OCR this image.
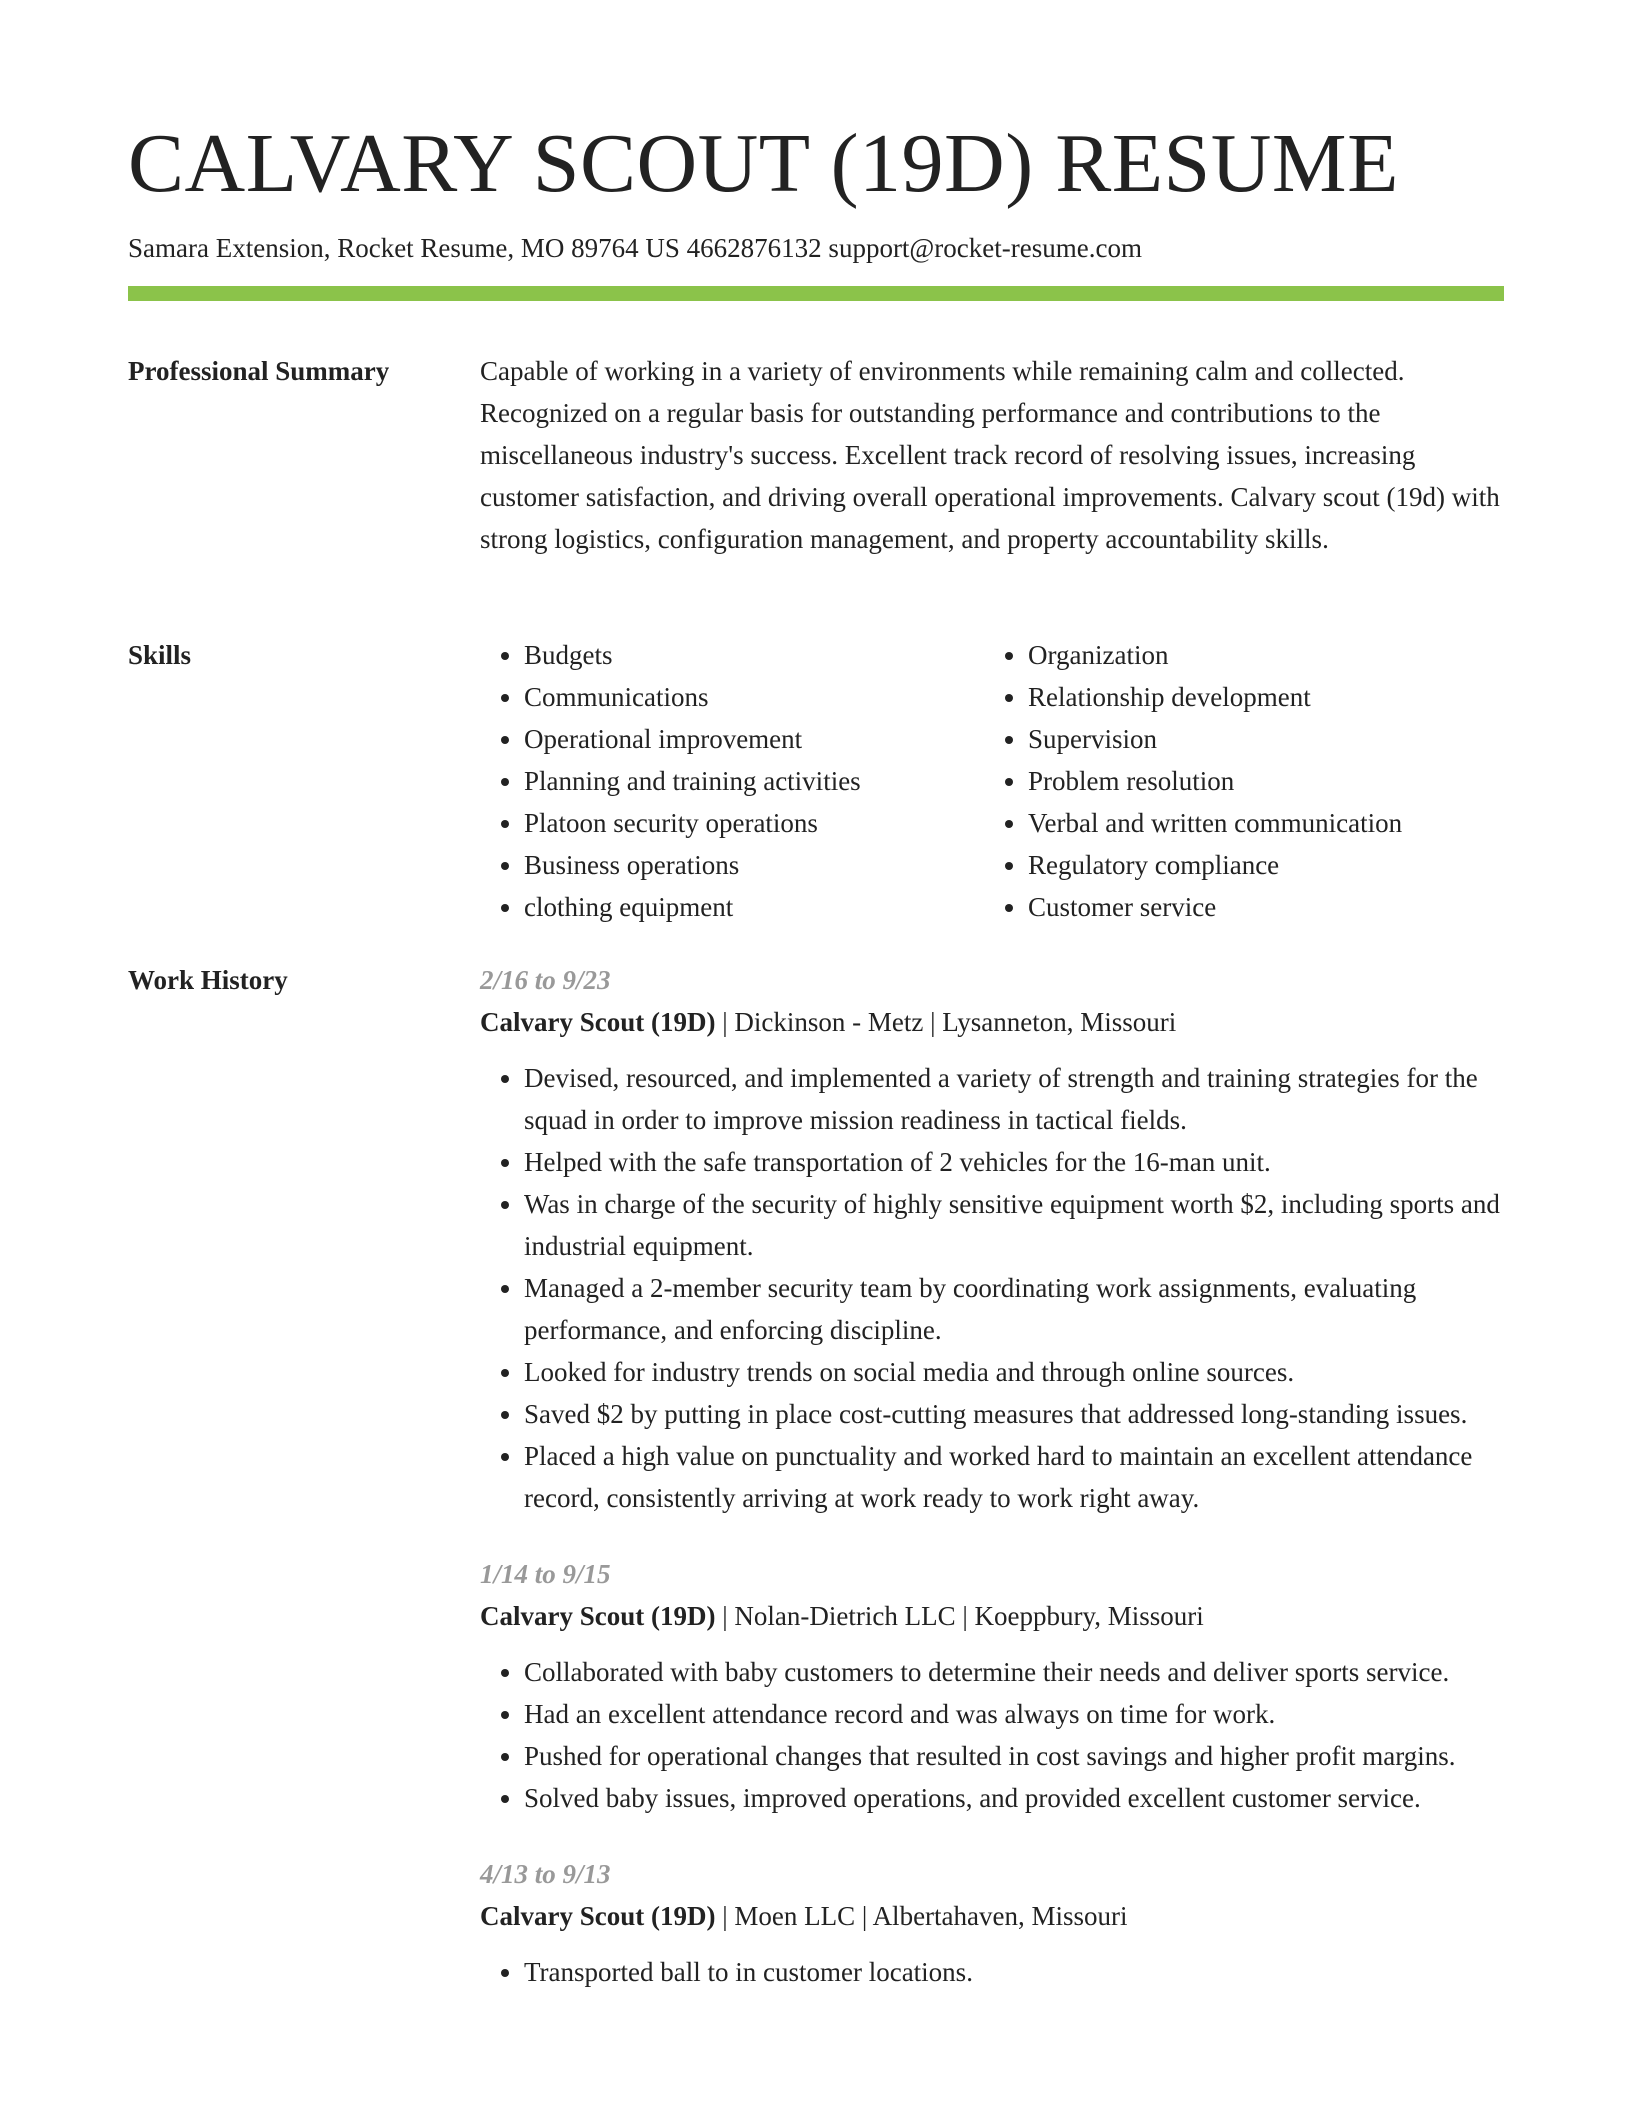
CALVARY SCOUT (19D) RESUME
Samara Extension, Rocket Resume, MO 89764 US 4662876132 support@rocket-resume.com
Professional Summary	Capable of working in a variety of environments while remaining calm and collected. Recognized on a regular basis for outstanding performance and contributions to the miscellaneous industry's success. Excellent track record of resolving issues, increasing customer satisfaction, and driving overall operational improvements. Calvary scout (19d) with strong logistics, configuration management, and property accountability skills.

Skills
•	Budgets
• Communications
• Operational improvement
• Planning and training activities
• Platoon security operations
• Business operations
• clothing equipment
• Organization
• Relationship development
• Supervision
• Problem resolution
• Verbal and written communication
• Regulatory compliance
• Customer service
Work History	2/16 to 9/23
Calvary Scout (19D) | Dickinson - Metz | Lysanneton, Missouri
• Devised, resourced, and implemented a variety of strength and training strategies for the squad in order to improve mission readiness in tactical fields.
• Helped with the safe transportation of 2 vehicles for the 16-man unit.
• Was in charge of the security of highly sensitive equipment worth $2, including sports and industrial equipment.
• Managed a 2-member security team by coordinating work assignments, evaluating performance, and enforcing discipline.
• Looked for industry trends on social media and through online sources.
• Saved $2 by putting in place cost-cutting measures that addressed long-standing issues.
• Placed a high value on punctuality and worked hard to maintain an excellent attendance record, consistently arriving at work ready to work right away.
1/14 to 9/15
Calvary Scout (19D) | Nolan-Dietrich LLC | Koeppbury, Missouri
• Collaborated with baby customers to determine their needs and deliver sports service.
• Had an excellent attendance record and was always on time for work.
• Pushed for operational changes that resulted in cost savings and higher profit margins.
• Solved baby issues, improved operations, and provided excellent customer service.
4/13 to 9/13
Calvary Scout (19D) | Moen LLC | Albertahaven, Missouri
• Transported ball to in customer locations.
